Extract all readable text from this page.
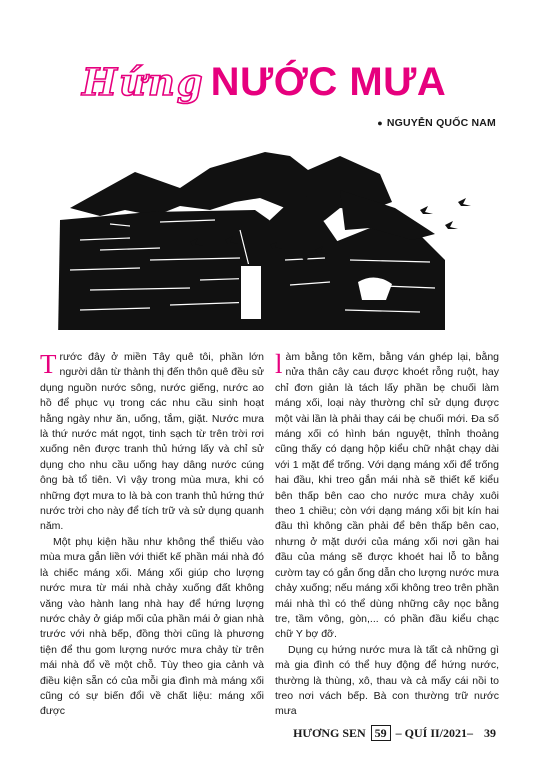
Hứng NƯỚC MƯA
● NGUYỄN QUỐC NAM

Trước đây ở miền Tây quê tôi, phần lớn người dân từ thành thị đến thôn quê đều sử dụng nguồn nước sông, nước giếng, nước ao hồ để phục vụ trong các nhu cầu sinh hoạt hằng ngày như ăn, uống, tắm, giặt. Nước mưa là thứ nước mát ngọt, tinh sạch từ trên trời rơi xuống nên được tranh thủ hứng lấy và chỉ sử dụng cho nhu cầu uống hay dâng nước cúng ông bà tổ tiên. Vì vậy trong mùa mưa, khi có những đợt mưa to là bà con tranh thủ hứng thứ nước trời cho này để tích trữ và sử dụng quanh năm.

Một phụ kiện hầu như không thể thiếu vào mùa mưa gắn liền với thiết kế phần mái nhà đó là chiếc máng xối. Máng xối giúp cho lượng nước mưa từ mái nhà chảy xuống đất không văng vào hành lang nhà hay để hứng lượng nước chảy ở giáp mối của phần mái ở gian nhà trước với nhà bếp, đồng thời cũng là phương tiện để thu gom lượng nước mưa chảy từ trên mái nhà đổ về một chỗ. Tùy theo gia cảnh và điều kiện sẵn có của mỗi gia đình mà máng xối cũng có sự biến đổi về chất liệu: máng xối được

làm bằng tôn kẽm, bằng ván ghép lại, bằng nửa thân cây cau được khoét rỗng ruột, hay chỉ đơn giản là tách lấy phần bẹ chuối làm máng xối, loại này thường chỉ sử dụng được một vài lần là phải thay cái bẹ chuối mới. Đa số máng xối có hình bán nguyệt, thỉnh thoảng cũng thấy có dạng hộp kiểu chữ nhật chạy dài với 1 mặt để trống. Với dạng máng xối để trống hai đầu, khi treo gắn mái nhà sẽ thiết kế kiểu bên thấp bên cao cho nước mưa chảy xuôi theo 1 chiều; còn với dạng máng xối bịt kín hai đầu thì không cần phải để bên thấp bên cao, nhưng ở mặt dưới của máng xối nơi gần hai đầu của máng sẽ được khoét hai lỗ to bằng cườm tay có gắn ống dẫn cho lượng nước mưa chảy xuống; nếu máng xối không treo trên phần mái nhà thì có thể dùng những cây nọc bằng tre, tầm vông, gòn,... có phần đầu kiểu chạc chữ Y bợ đỡ.

Dụng cụ hứng nước mưa là tất cả những gì mà gia đình có thể huy động để hứng nước, thường là thùng, xô, thau và cả mấy cái nồi to treo nơi vách bếp. Bà con thường trữ nước mưa

HƯƠNG SEN 59 – QUÍ II/2021– 39
